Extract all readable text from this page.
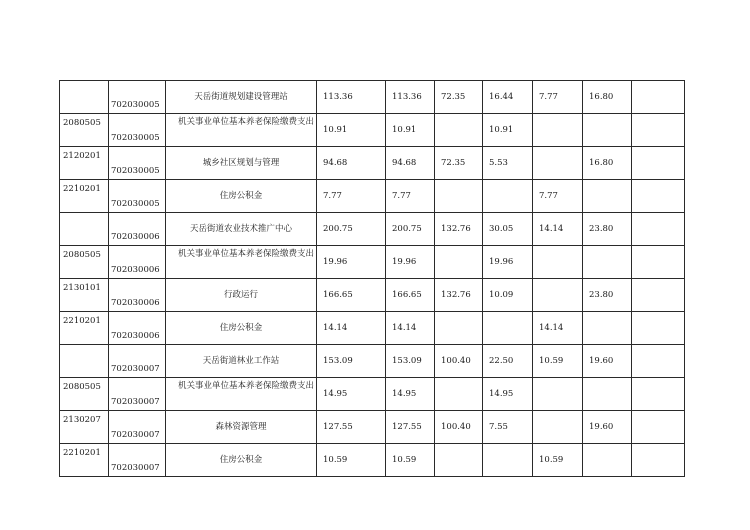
	702030005	天岳街道规划建设管理站	113.36	113.36	72.35	16.44	7.77	16.80	
2080505	702030005	机关事业单位基本养老保险缴费支出	10.91	10.91		10.91			
2120201	702030005	城乡社区规划与管理	94.68	94.68	72.35	5.53		16.80	
2210201	702030005	住房公积金	7.77	7.77			7.77		
	702030006	天岳街道农业技术推广中心	200.75	200.75	132.76	30.05	14.14	23.80	
2080505	702030006	机关事业单位基本养老保险缴费支出	19.96	19.96		19.96			
2130101	702030006	行政运行	166.65	166.65	132.76	10.09		23.80	
2210201	702030006	住房公积金	14.14	14.14			14.14		
	702030007	天岳街道林业工作站	153.09	153.09	100.40	22.50	10.59	19.60	
2080505	702030007	机关事业单位基本养老保险缴费支出	14.95	14.95		14.95			
2130207	702030007	森林资源管理	127.55	127.55	100.40	7.55		19.60	
2210201	702030007	住房公积金	10.59	10.59			10.59		
